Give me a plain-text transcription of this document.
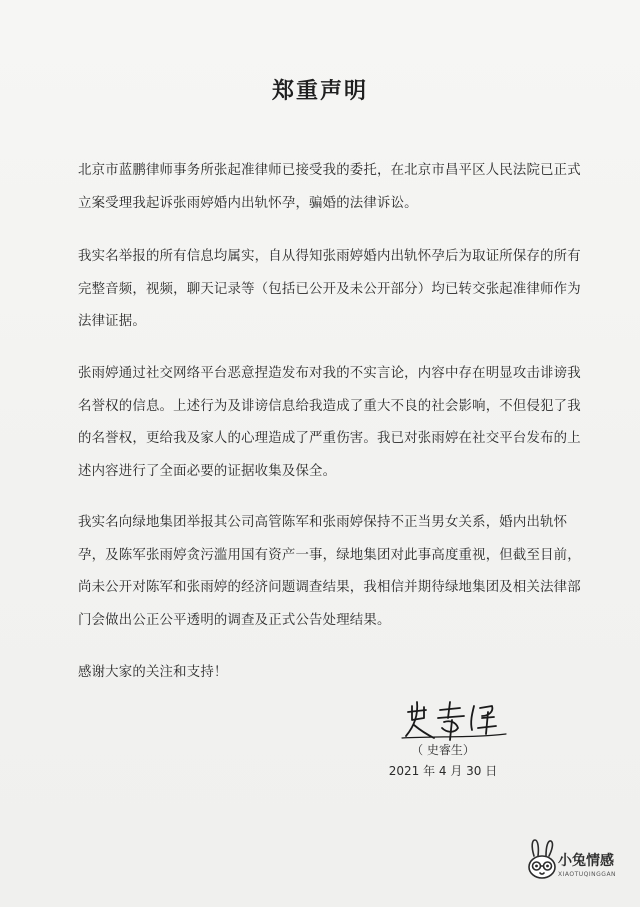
郑重声明
北京市蓝鹏律师事务所张起准律师已接受我的委托，在北京市昌平区人民法院已正式
立案受理我起诉张雨婷婚内出轨怀孕，骗婚的法律诉讼。
我实名举报的所有信息均属实，自从得知张雨婷婚内出轨怀孕后为取证所保存的所有
完整音频，视频，聊天记录等（包括已公开及未公开部分）均已转交张起准律师作为
法律证据。
张雨婷通过社交网络平台恶意捏造发布对我的不实言论，内容中存在明显攻击诽谤我
名誉权的信息。上述行为及诽谤信息给我造成了重大不良的社会影响，不但侵犯了我
的名誉权，更给我及家人的心理造成了严重伤害。我已对张雨婷在社交平台发布的上
述内容进行了全面必要的证据收集及保全。
我实名向绿地集团举报其公司高管陈军和张雨婷保持不正当男女关系，婚内出轨怀
孕，及陈军张雨婷贪污滥用国有资产一事，绿地集团对此事高度重视，但截至目前，
尚未公开对陈军和张雨婷的经济问题调查结果，我相信并期待绿地集团及相关法律部
门会做出公正公平透明的调查及正式公告处理结果。
感谢大家的关注和支持！
（ 史睿生）
2021 年 4 月 30 日
小兔情感
XIAOTUQINGGAN
